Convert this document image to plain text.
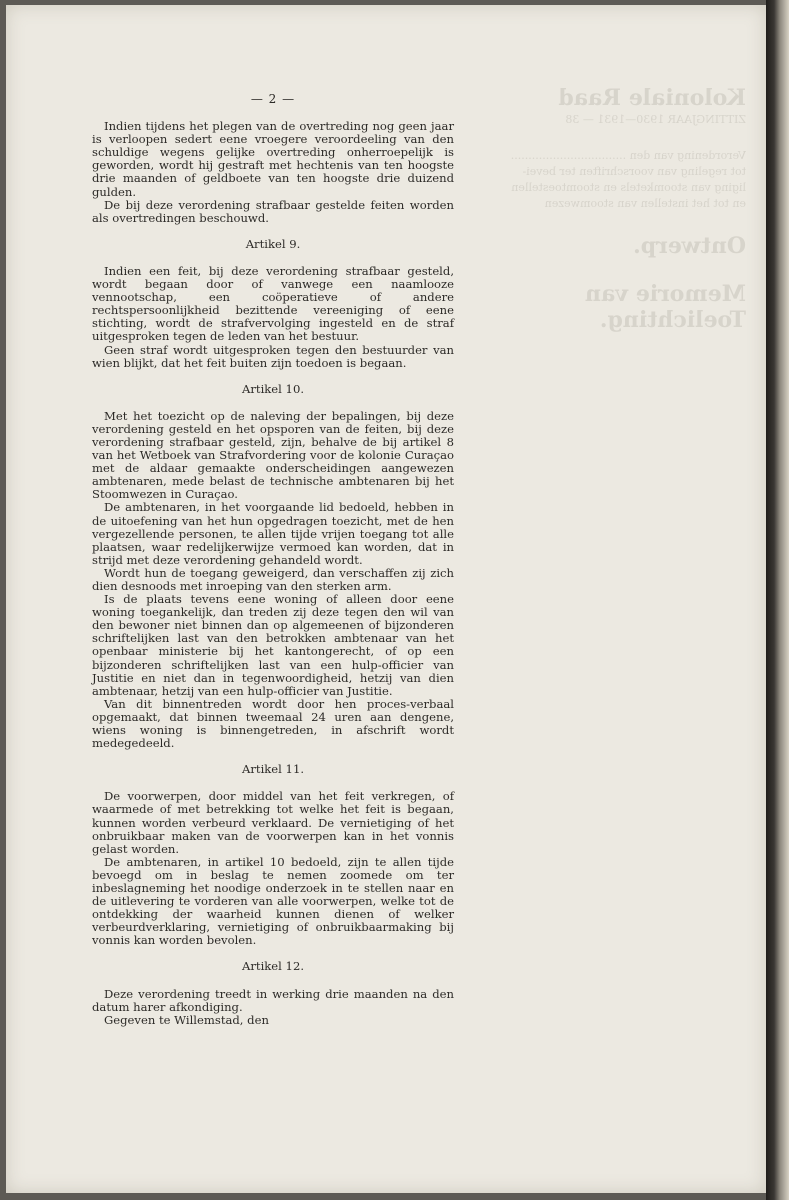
Koloniale Raad
ZITTINGJAAR 1930—1931 — 38
Verordening van den .................................
tot regeling van voorschriften ter bevei-
liging van stoomketels en stoomtoestellen
en tot het instellen van stoomwezen
Ontwerp.
Memorie van Toelichting.
— 2 —

Indien tijdens het plegen van de overtreding nog geen jaar is verloopen sedert eene vroegere veroordeeling van den schuldige wegens gelijke overtreding onherroepelijk is geworden, wordt hij gestraft met hechtenis van ten hoogste drie maanden of geldboete van ten hoogste drie duizend gulden.

De bij deze verordening strafbaar gestelde feiten worden als overtredingen beschouwd.

Artikel 9.

Indien een feit, bij deze verordening strafbaar gesteld, wordt begaan door of vanwege een naamlooze vennootschap, een coöperatieve of andere rechtspersoonlijkheid bezittende vereeniging of eene stichting, wordt de strafvervolging ingesteld en de straf uitgesproken tegen de leden van het bestuur.

Geen straf wordt uitgesproken tegen den bestuurder van wien blijkt, dat het feit buiten zijn toedoen is begaan.

Artikel 10.

Met het toezicht op de naleving der bepalingen, bij deze verordening gesteld en het opsporen van de feiten, bij deze verordening strafbaar gesteld, zijn, behalve de bij artikel 8 van het Wetboek van Strafvordering voor de kolonie Curaçao met de aldaar gemaakte onderscheidingen aangewezen ambtenaren, mede belast de technische ambtenaren bij het Stoomwezen in Curaçao.

De ambtenaren, in het voorgaande lid bedoeld, hebben in de uitoefening van het hun opgedragen toezicht, met de hen vergezellende personen, te allen tijde vrijen toegang tot alle plaatsen, waar redelijkerwijze vermoed kan worden, dat in strijd met deze verordening gehandeld wordt.

Wordt hun de toegang geweigerd, dan verschaffen zij zich dien desnoods met inroeping van den sterken arm.

Is de plaats tevens eene woning of alleen door eene woning toegankelijk, dan treden zij deze tegen den wil van den bewoner niet binnen dan op algemeenen of bijzonderen schriftelijken last van den betrokken ambtenaar van het openbaar ministerie bij het kantongerecht, of op een bijzonderen schriftelijken last van een hulp-officier van Justitie en niet dan in tegenwoordigheid, hetzij van dien ambtenaar, hetzij van een hulp-officier van Justitie.

Van dit binnentreden wordt door hen proces-verbaal opgemaakt, dat binnen tweemaal 24 uren aan dengene, wiens woning is binnengetreden, in afschrift wordt medegedeeld.

Artikel 11.

De voorwerpen, door middel van het feit verkregen, of waarmede of met betrekking tot welke het feit is begaan, kunnen worden verbeurd verklaard. De vernietiging of het onbruikbaar maken van de voorwerpen kan in het vonnis gelast worden.

De ambtenaren, in artikel 10 bedoeld, zijn te allen tijde bevoegd om in beslag te nemen zoomede om ter inbeslagneming het noodige onderzoek in te stellen naar en de uitlevering te vorderen van alle voorwerpen, welke tot de ontdekking der waarheid kunnen dienen of welker verbeurdverklaring, vernietiging of onbruikbaarmaking bij vonnis kan worden bevolen.

Artikel 12.

Deze verordening treedt in werking drie maanden na den datum harer afkondiging.

Gegeven te Willemstad, den
